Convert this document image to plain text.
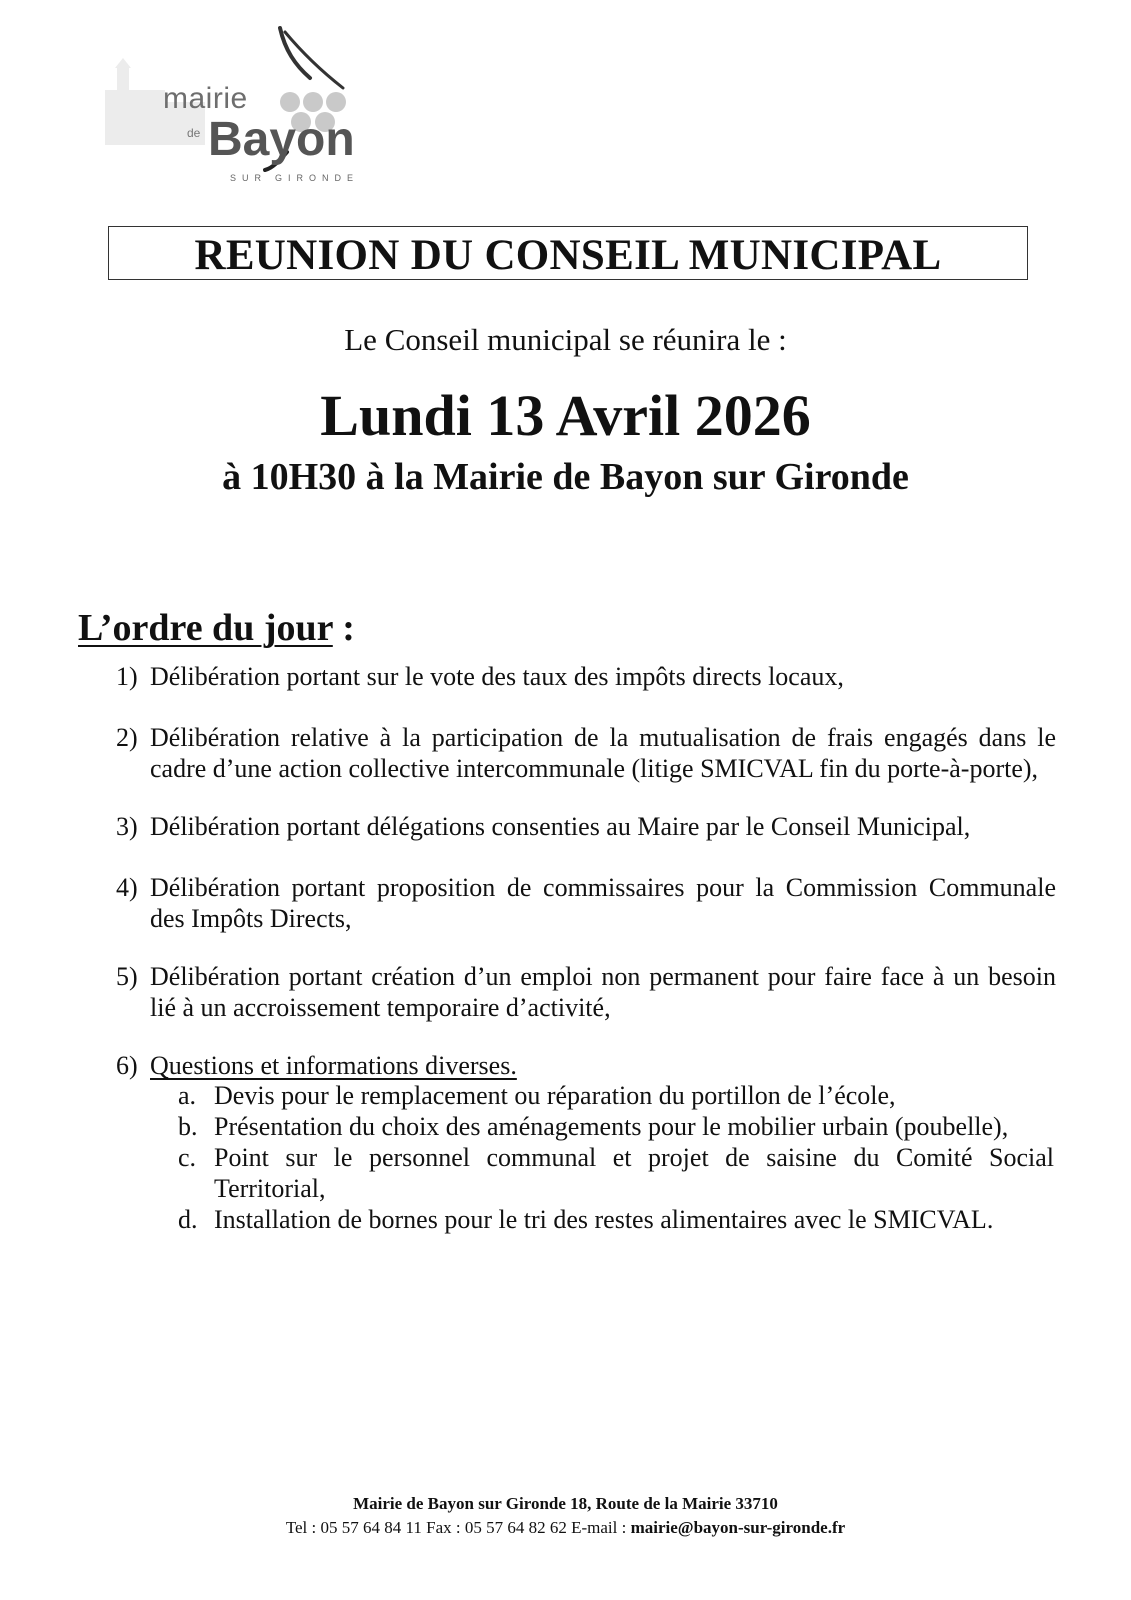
mairie
de Bayon
SUR GIRONDE
REUNION DU CONSEIL MUNICIPAL
Le Conseil municipal se réunira le :
Lundi 13 Avril 2026
à 10H30 à la Mairie de Bayon sur Gironde
L’ordre du jour :
1) Délibération portant sur le vote des taux des impôts directs locaux,
2) Délibération relative à la participation de la mutualisation de frais engagés dans le cadre d’une action collective intercommunale (litige SMICVAL fin du porte-à-porte),
3) Délibération portant délégations consenties au Maire par le Conseil Municipal,
4) Délibération portant proposition de commissaires pour la Commission Communale des Impôts Directs,
5) Délibération portant création d’un emploi non permanent pour faire face à un besoin lié à un accroissement temporaire d’activité,
6) Questions et informations diverses.
a. Devis pour le remplacement ou réparation du portillon de l’école,
b. Présentation du choix des aménagements pour le mobilier urbain (poubelle),
c. Point sur le personnel communal et projet de saisine du Comité Social Territorial,
d. Installation de bornes pour le tri des restes alimentaires avec le SMICVAL.
Mairie de Bayon sur Gironde 18, Route de la Mairie 33710
Tel : 05 57 64 84 11 Fax : 05 57 64 82 62 E-mail : mairie@bayon-sur-gironde.fr
